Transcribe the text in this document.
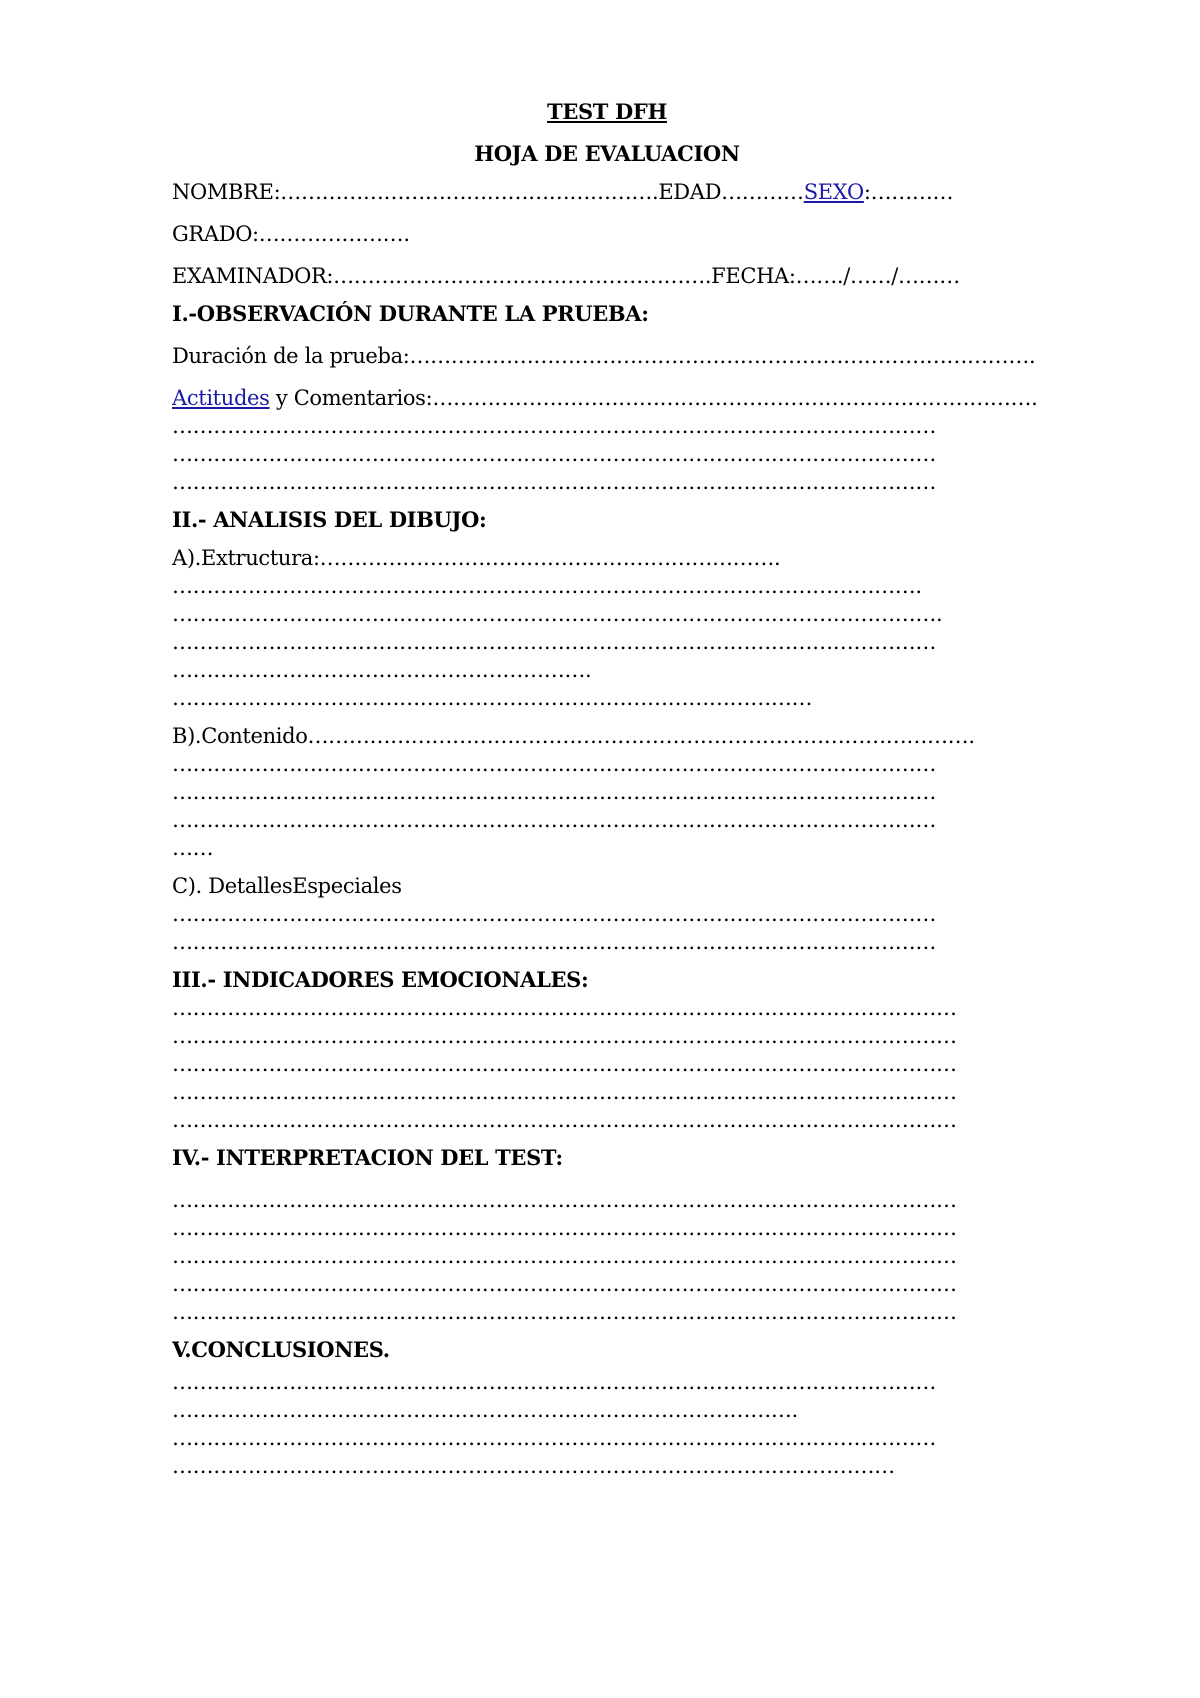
TEST DFH
HOJA DE EVALUACION
NOMBRE:……………………………………………….EDAD…………SEXO:…………
GRADO:………………….
EXAMINADOR:……………………………………………….FECHA:……./……/………
I.-OBSERVACIÓN DURANTE LA PRUEBA:
Duración de la prueba:……………………………………………………………………………….
Actitudes y Comentarios:…………………………………………………………………………….
…………………………………………………………………………………………………
…………………………………………………………………………………………………
…………………………………………………………………………………………………
II.- ANALISIS DEL DIBUJO:
A).Extructura:………………………………………………………….
……………………………………………………………………………………………….
………………………………………………………………………………………………….
…………………………………………………………………………………………………
…………………………………………………….
…………………………………………………………………………………
B).Contenido…………………………………………………………………………………….
…………………………………………………………………………………………………
…………………………………………………………………………………………………
…………………………………………………………………………………………………
……
C). DetallesEspeciales
…………………………………………………………………………………………………
…………………………………………………………………………………………………
III.- INDICADORES EMOCIONALES:
……………………………………………………………………………………………………
……………………………………………………………………………………………………
……………………………………………………………………………………………………
……………………………………………………………………………………………………
……………………………………………………………………………………………………
IV.- INTERPRETACION DEL TEST:
……………………………………………………………………………………………………
……………………………………………………………………………………………………
……………………………………………………………………………………………………
……………………………………………………………………………………………………
……………………………………………………………………………………………………
V.CONCLUSIONES.
…………………………………………………………………………………………………
……………………………………………………………………………….
…………………………………………………………………………………………………
……………………………………………………………………………………………
